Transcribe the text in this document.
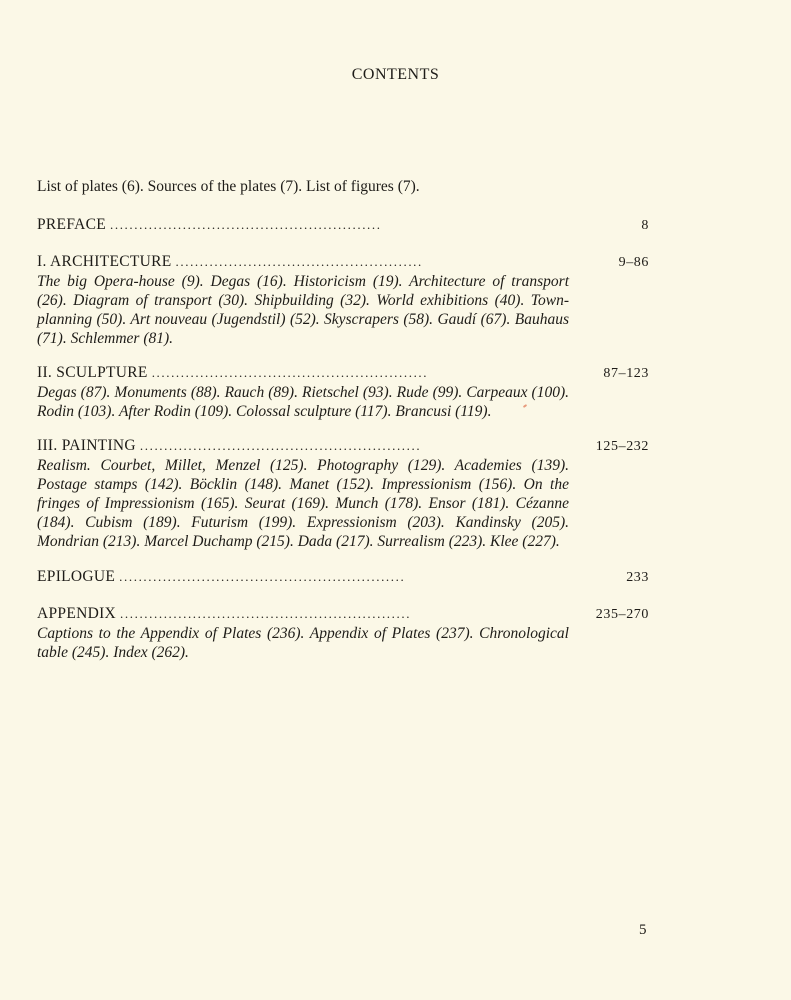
CONTENTS
List of plates (6). Sources of the plates (7). List of figures (7).
PREFACE ........................................................	8
I. ARCHITECTURE ...................................................	9–86

The big Opera-house (9). Degas (16). Historicism (19). Architecture of transport (26). Diagram of transport (30). Shipbuilding (32). World exhibitions (40). Town-planning (50). Art nouveau (Jugendstil) (52). Skyscrapers (58). Gaudí (67). Bauhaus (71). Schlemmer (81).

II. SCULPTURE .........................................................	87–123

Degas (87). Monuments (88). Rauch (89). Rietschel (93). Rude (99). Carpeaux (100). Rodin (103). After Rodin (109). Colossal sculpture (117). Brancusi (119).

III. PAINTING ..........................................................	125–232

Realism. Courbet, Millet, Menzel (125). Photography (129). Academies (139). Postage stamps (142). Böcklin (148). Manet (152). Impressionism (156). On the fringes of Impressionism (165). Seurat (169). Munch (178). Ensor (181). Cézanne (184). Cubism (189). Futurism (199). Expressionism (203). Kandinsky (205). Mondrian (213). Marcel Duchamp (215). Dada (217). Surrealism (223). Klee (227).

EPILOGUE ...........................................................	233
APPENDIX ............................................................	235–270

Captions to the Appendix of Plates (236). Appendix of Plates (237). Chronological table (245). Index (262).

5
